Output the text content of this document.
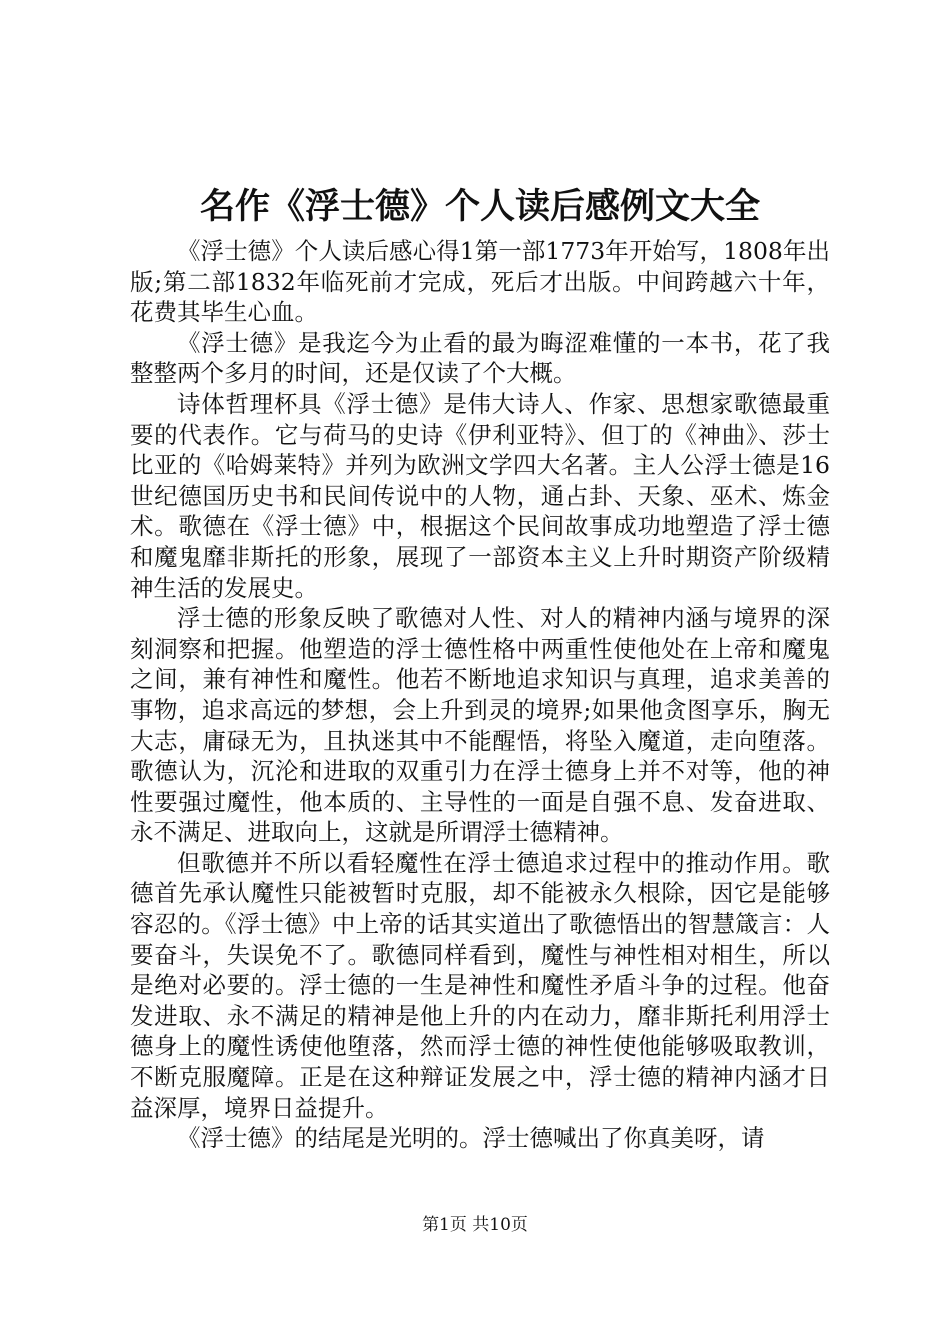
名作《浮士德》个人读后感例文大全

《浮士德》个人读后感心得1第一部1773年开始写，1808年出版;第二部1832年临死前才完成，死后才出版。中间跨越六十年，花费其毕生心血。

《浮士德》是我迄今为止看的最为晦涩难懂的一本书，花了我整整两个多月的时间，还是仅读了个大概。

诗体哲理杯具《浮士德》是伟大诗人、作家、思想家歌德最重要的代表作。它与荷马的史诗《伊利亚特》、但丁的《神曲》、莎士比亚的《哈姆莱特》并列为欧洲文学四大名著。主人公浮士德是16世纪德国历史书和民间传说中的人物，通占卦、天象、巫术、炼金术。歌德在《浮士德》中，根据这个民间故事成功地塑造了浮士德和魔鬼靡非斯托的形象，展现了一部资本主义上升时期资产阶级精神生活的发展史。

浮士德的形象反映了歌德对人性、对人的精神内涵与境界的深刻洞察和把握。他塑造的浮士德性格中两重性使他处在上帝和魔鬼之间，兼有神性和魔性。他若不断地追求知识与真理，追求美善的事物，追求高远的梦想，会上升到灵的境界;如果他贪图享乐，胸无大志，庸碌无为，且执迷其中不能醒悟，将坠入魔道，走向堕落。歌德认为，沉沦和进取的双重引力在浮士德身上并不对等，他的神性要强过魔性，他本质的、主导性的一面是自强不息、发奋进取、永不满足、进取向上，这就是所谓浮士德精神。

但歌德并不所以看轻魔性在浮士德追求过程中的推动作用。歌德首先承认魔性只能被暂时克服，却不能被永久根除，因它是能够容忍的。《浮士德》中上帝的话其实道出了歌德悟出的智慧箴言：人要奋斗，失误免不了。歌德同样看到，魔性与神性相对相生，所以是绝对必要的。浮士德的一生是神性和魔性矛盾斗争的过程。他奋发进取、永不满足的精神是他上升的内在动力，靡非斯托利用浮士德身上的魔性诱使他堕落，然而浮士德的神性使他能够吸取教训，不断克服魔障。正是在这种辩证发展之中，浮士德的精神内涵才日益深厚，境界日益提升。

《浮士德》的结尾是光明的。浮士德喊出了你真美呀，请

第1页 共10页
